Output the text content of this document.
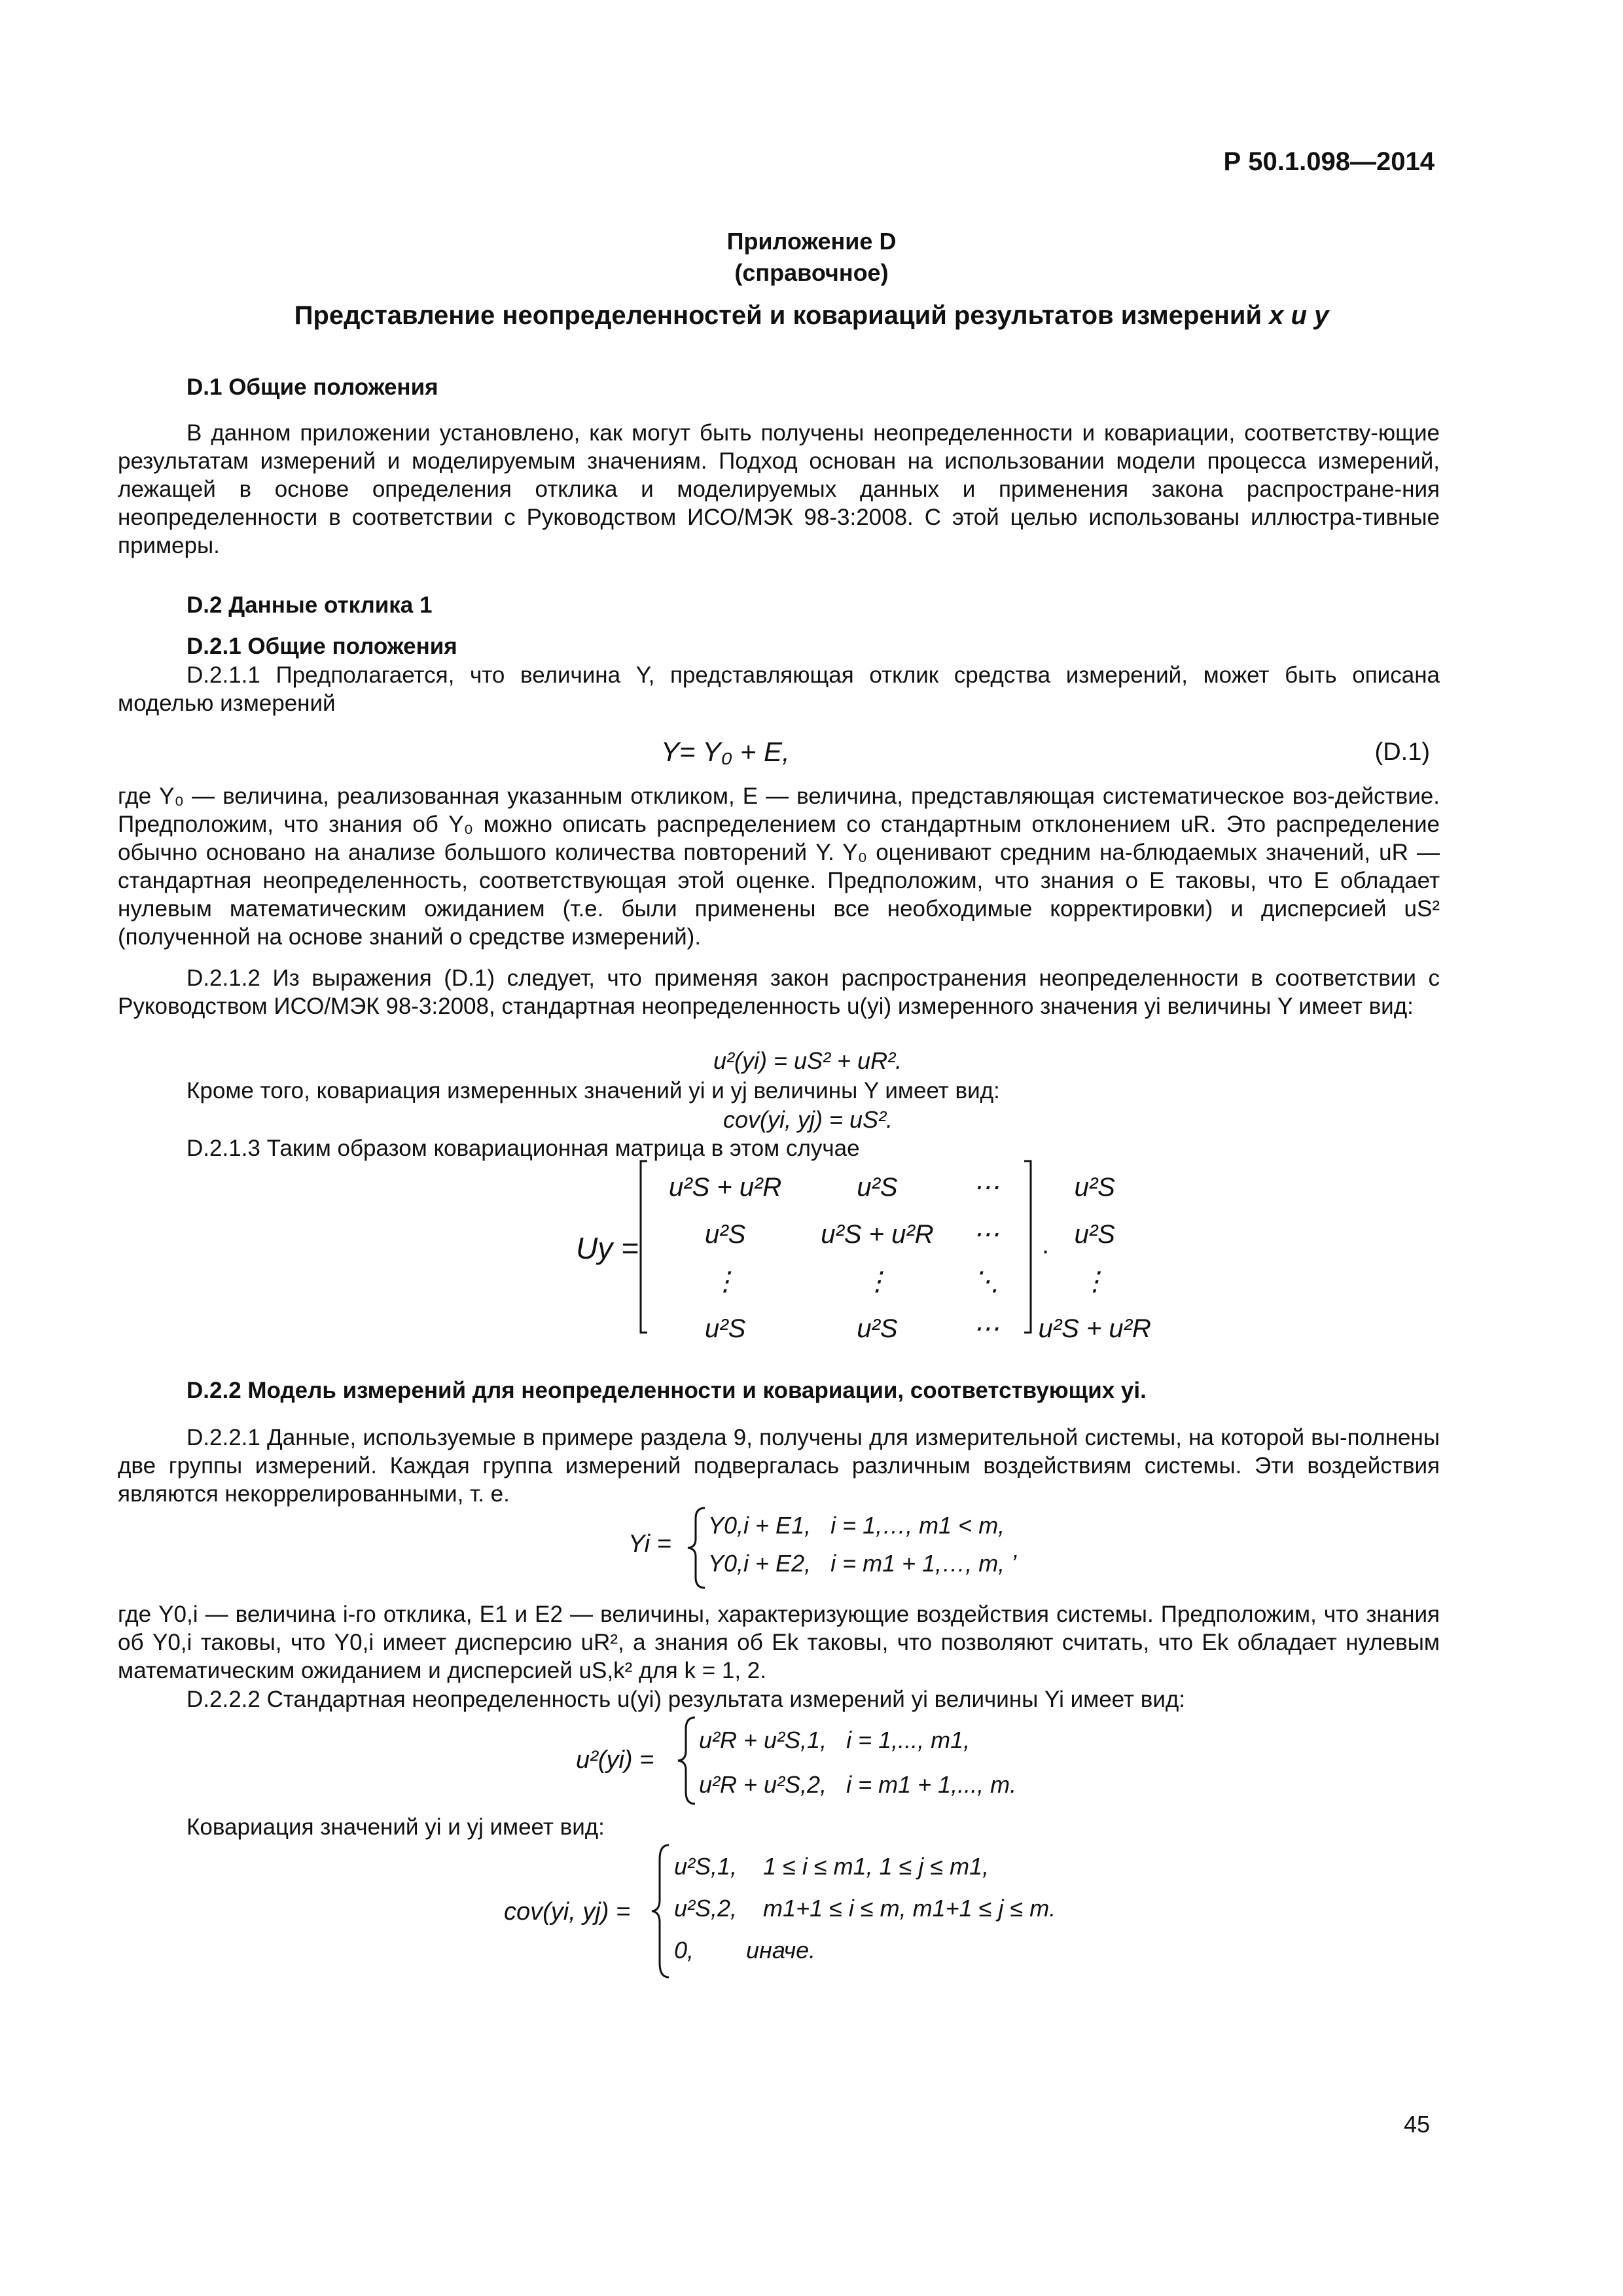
Р 50.1.098—2014
Приложение D
(справочное)
Представление неопределенностей и ковариаций результатов измерений x и y
D.1 Общие положения
В данном приложении установлено, как могут быть получены неопределенности и ковариации, соответству-ющие результатам измерений и моделируемым значениям. Подход основан на использовании модели процесса измерений, лежащей в основе определения отклика и моделируемых данных и применения закона распростране-ния неопределенности в соответствии с Руководством ИСО/МЭК 98-3:2008. С этой целью использованы иллюстра-тивные примеры.
D.2 Данные отклика 1
D.2.1 Общие положения
D.2.1.1 Предполагается, что величина Y, представляющая отклик средства измерений, может быть описана моделью измерений
Y= Y₀ + E,	(D.1)
где Y₀ — величина, реализованная указанным откликом, E — величина, представляющая систематическое воз-действие. Предположим, что знания об Y₀ можно описать распределением со стандартным отклонением uR. Это распределение обычно основано на анализе большого количества повторений Y. Y₀ оценивают средним на-блюдаемых значений, uR — стандартная неопределенность, соответствующая этой оценке. Предположим, что знания о E таковы, что E обладает нулевым математическим ожиданием (т.е. были применены все необходимые корректировки) и дисперсией uS² (полученной на основе знаний о средстве измерений).
D.2.1.2 Из выражения (D.1) следует, что применяя закон распространения неопределенности в соответствии с Руководством ИСО/МЭК 98-3:2008, стандартная неопределенность u(yi) измеренного значения yi величины Y имеет вид:
u²(yi) = uS² + uR².
Кроме того, ковариация измеренных значений yi и yj величины Y имеет вид:
cov(yi, yj) = uS².
D.2.1.3 Таким образом ковариационная матрица в этом случае
Uy =
u²S + u²R	u²S	⋯	u²S
u²S	u²S + u²R	⋯	u²S
⋮	⋮	⋱	⋮
u²S	u²S	⋯	u²S + u²R
.
D.2.2 Модель измерений для неопределенности и ковариации, соответствующих yi.
D.2.2.1 Данные, используемые в примере раздела 9, получены для измерительной системы, на которой вы-полнены две группы измерений. Каждая группа измерений подвергалась различным воздействиям системы. Эти воздействия являются некоррелированными, т. е.
Yi =
Y0,i + E1,   i = 1,…, m1 < m,
Y0,i + E2,   i = m1 + 1,…, m, ’
где Y0,i — величина i-го отклика, E1 и E2 — величины, характеризующие воздействия системы. Предположим, что знания об Y0,i таковы, что Y0,i имеет дисперсию uR², а знания об Ek таковы, что позволяют считать, что Ek обладает нулевым математическим ожиданием и дисперсией uS,k² для k = 1, 2.
D.2.2.2 Стандартная неопределенность u(yi) результата измерений yi величины Yi имеет вид:
u²(yi) =
u²R + u²S,1,   i = 1,..., m1,
u²R + u²S,2,   i = m1 + 1,..., m.
Ковариация значений yi и yj имеет вид:
cov(yi, yj) =
u²S,1,    1 ≤ i ≤ m1, 1 ≤ j ≤ m1,
u²S,2,    m1+1 ≤ i ≤ m, m1+1 ≤ j ≤ m.
0,        иначе.
45
